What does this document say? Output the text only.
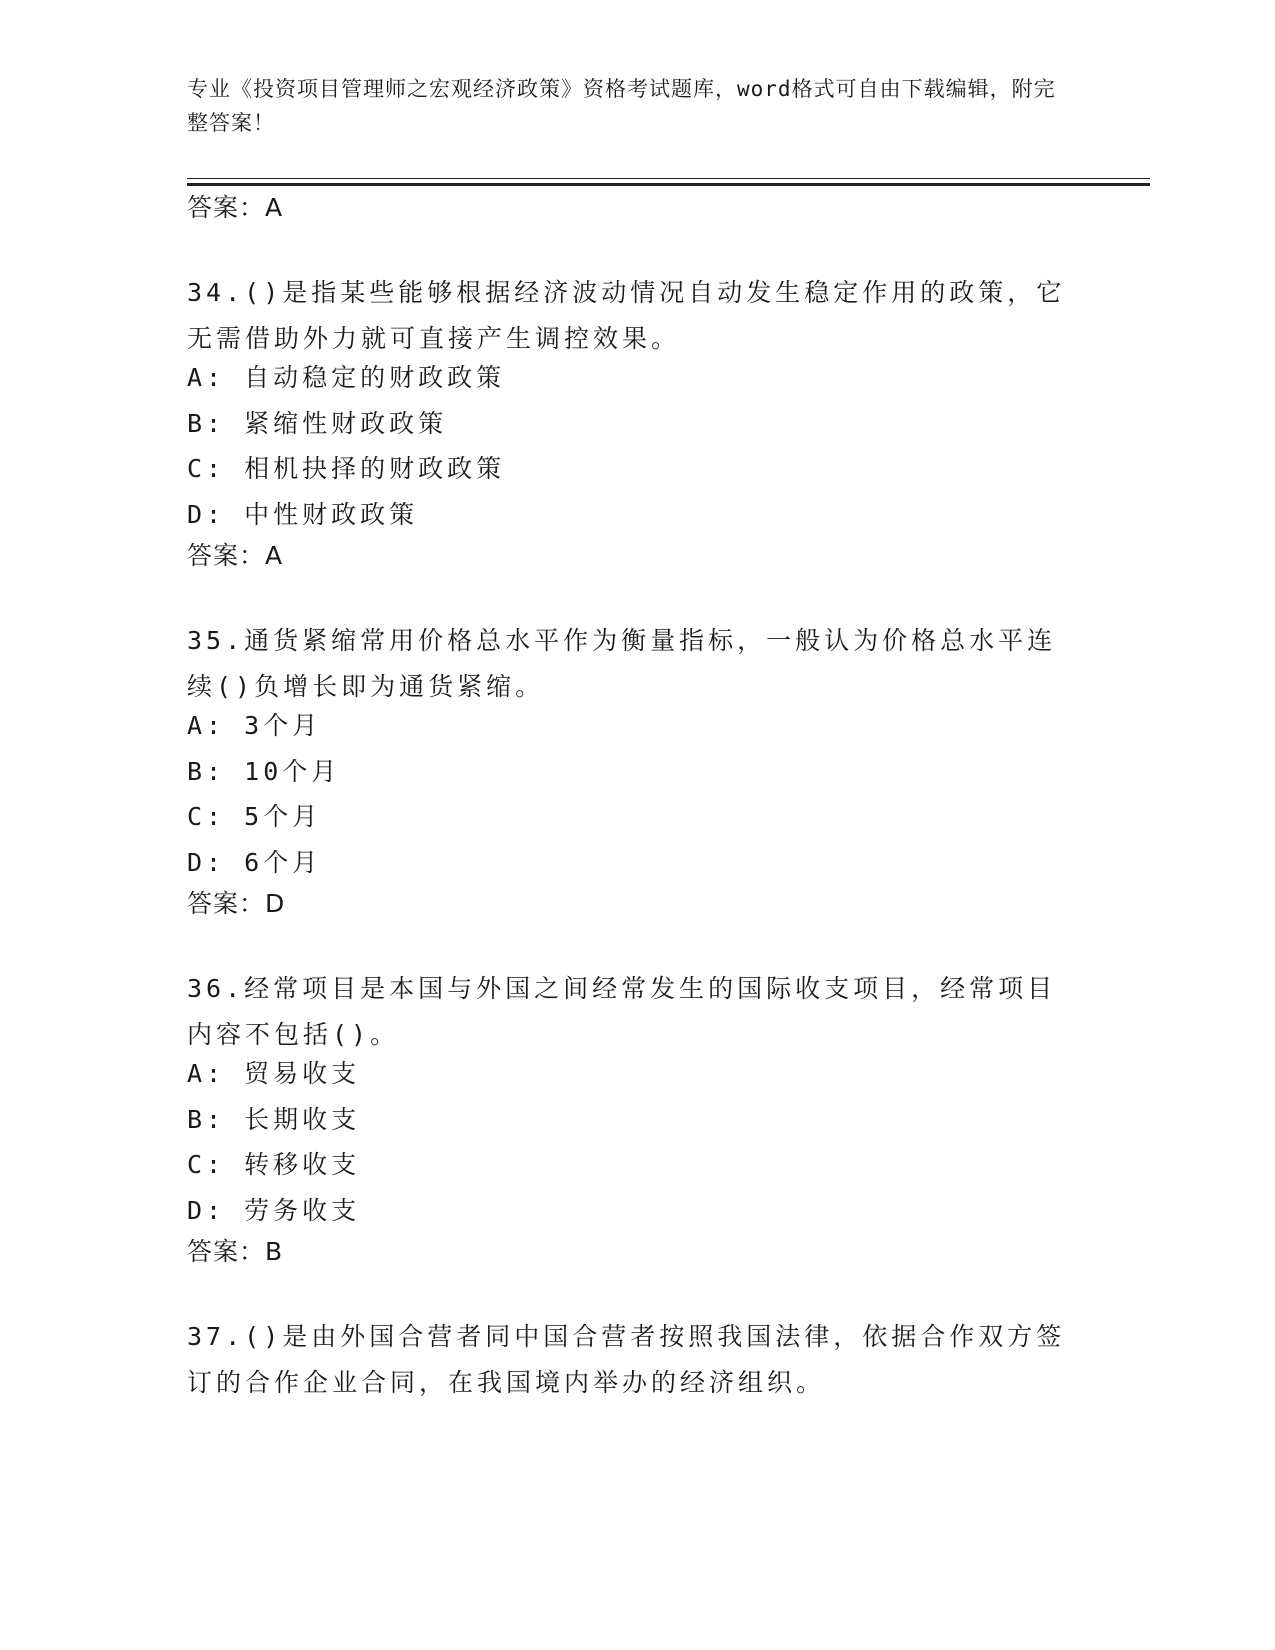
专业《投资项目管理师之宏观经济政策》资格考试题库，word格式可自由下载编辑，附完整答案！
答案：A
34.()是指某些能够根据经济波动情况自动发生稳定作用的政策，它无需借助外力就可直接产生调控效果。
A: 自动稳定的财政政策
B: 紧缩性财政政策
C: 相机抉择的财政政策
D: 中性财政政策
答案：A
35.通货紧缩常用价格总水平作为衡量指标，一般认为价格总水平连续()负增长即为通货紧缩。
A: 3个月
B: 10个月
C: 5个月
D: 6个月
答案：D
36.经常项目是本国与外国之间经常发生的国际收支项目，经常项目内容不包括()。
A: 贸易收支
B: 长期收支
C: 转移收支
D: 劳务收支
答案：B
37.()是由外国合营者同中国合营者按照我国法律，依据合作双方签订的合作企业合同，在我国境内举办的经济组织。
